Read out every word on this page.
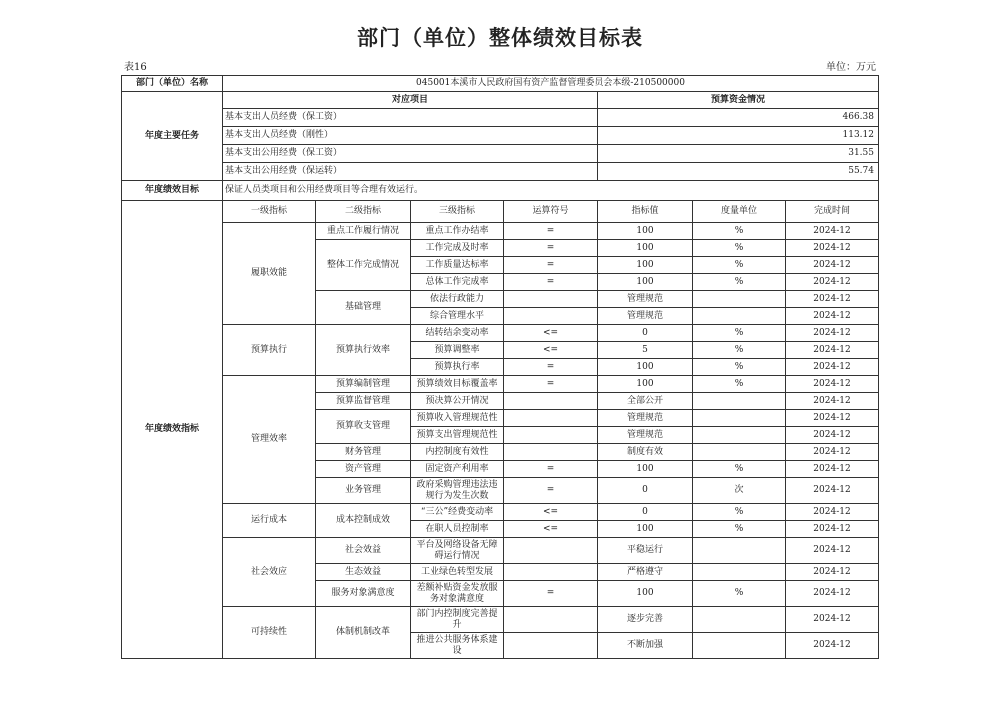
部门（单位）整体绩效目标表
表16	单位：万元
部门（单位）名称	045001本溪市人民政府国有资产监督管理委员会本级-210500000						
年度主要任务	对应项目				预算资金情况		
	基本支出人员经费（保工资）				466.38		
	基本支出人员经费（刚性）				113.12		
	基本支出公用经费（保工资）				31.55		
	基本支出公用经费（保运转）				55.74		
年度绩效目标	保证人员类项目和公用经费项目等合理有效运行。						
年度绩效指标	一级指标	二级指标	三级指标	运算符号	指标值	度量单位	完成时间
	履职效能	重点工作履行情况	重点工作办结率	=	100	%	2024-12
		整体工作完成情况	工作完成及时率	=	100	%	2024-12
			工作质量达标率	=	100	%	2024-12
			总体工作完成率	=	100	%	2024-12
		基础管理	依法行政能力		管理规范		2024-12
			综合管理水平		管理规范		2024-12
	预算执行	预算执行效率	结转结余变动率	<=	0	%	2024-12
			预算调整率	<=	5	%	2024-12
			预算执行率	=	100	%	2024-12
	管理效率	预算编制管理	预算绩效目标覆盖率	=	100	%	2024-12
		预算监督管理	预决算公开情况		全部公开		2024-12
		预算收支管理	预算收入管理规范性		管理规范		2024-12
			预算支出管理规范性		管理规范		2024-12
		财务管理	内控制度有效性		制度有效		2024-12
		资产管理	固定资产利用率	=	100	%	2024-12
		业务管理	政府采购管理违法违规行为发生次数	=	0	次	2024-12
	运行成本	成本控制成效	“三公”经费变动率	<=	0	%	2024-12
			在职人员控制率	<=	100	%	2024-12
	社会效应	社会效益	平台及网络设备无障碍运行情况		平稳运行		2024-12
		生态效益	工业绿色转型发展		严格遵守		2024-12
		服务对象满意度	差额补贴资金发放服务对象满意度	=	100	%	2024-12
	可持续性	体制机制改革	部门内控制度完善提升		逐步完善		2024-12
			推进公共服务体系建设		不断加强		2024-12
